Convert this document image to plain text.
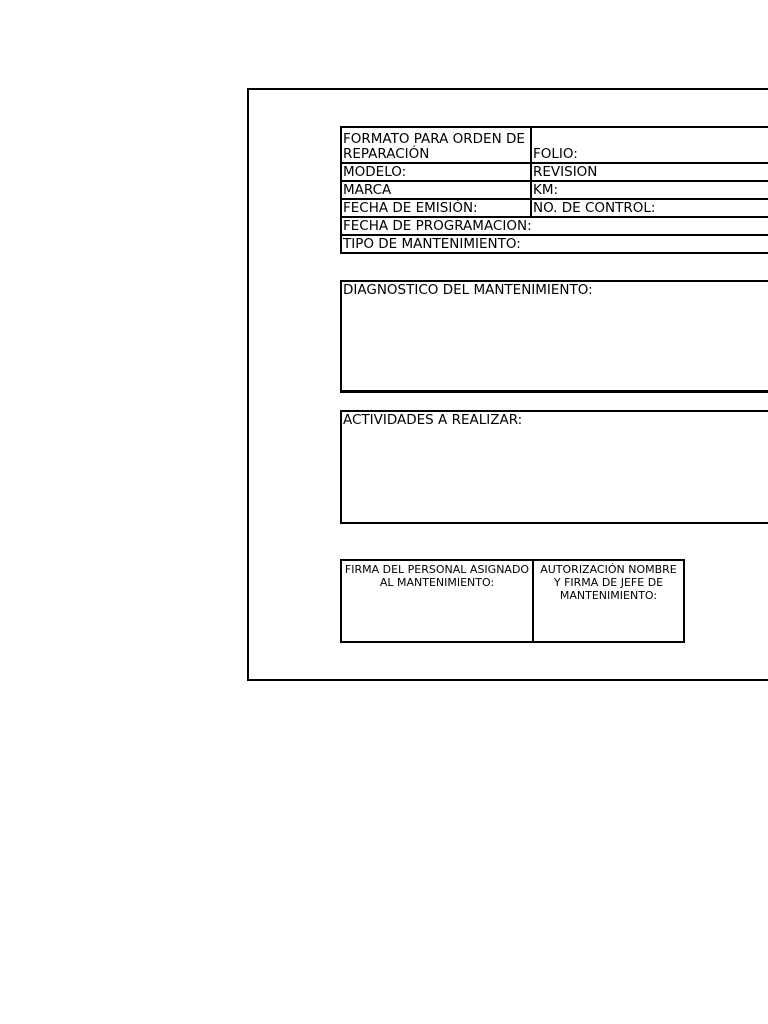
FORMATO PARA ORDEN DE REPARACIÓN	FOLIO:
MODELO:	REVISION
MARCA	KM:
FECHA DE EMISIÓN:	NO. DE CONTROL:
FECHA DE PROGRAMACION:	
TIPO DE MANTENIMIENTO:	
DIAGNOSTICO DEL MANTENIMIENTO:
ACTIVIDADES A REALIZAR:
FIRMA DEL PERSONAL ASIGNADO AL MANTENIMIENTO:	AUTORIZACIÓN NOMBRE Y FIRMA DE JEFE DE MANTENIMIENTO:
